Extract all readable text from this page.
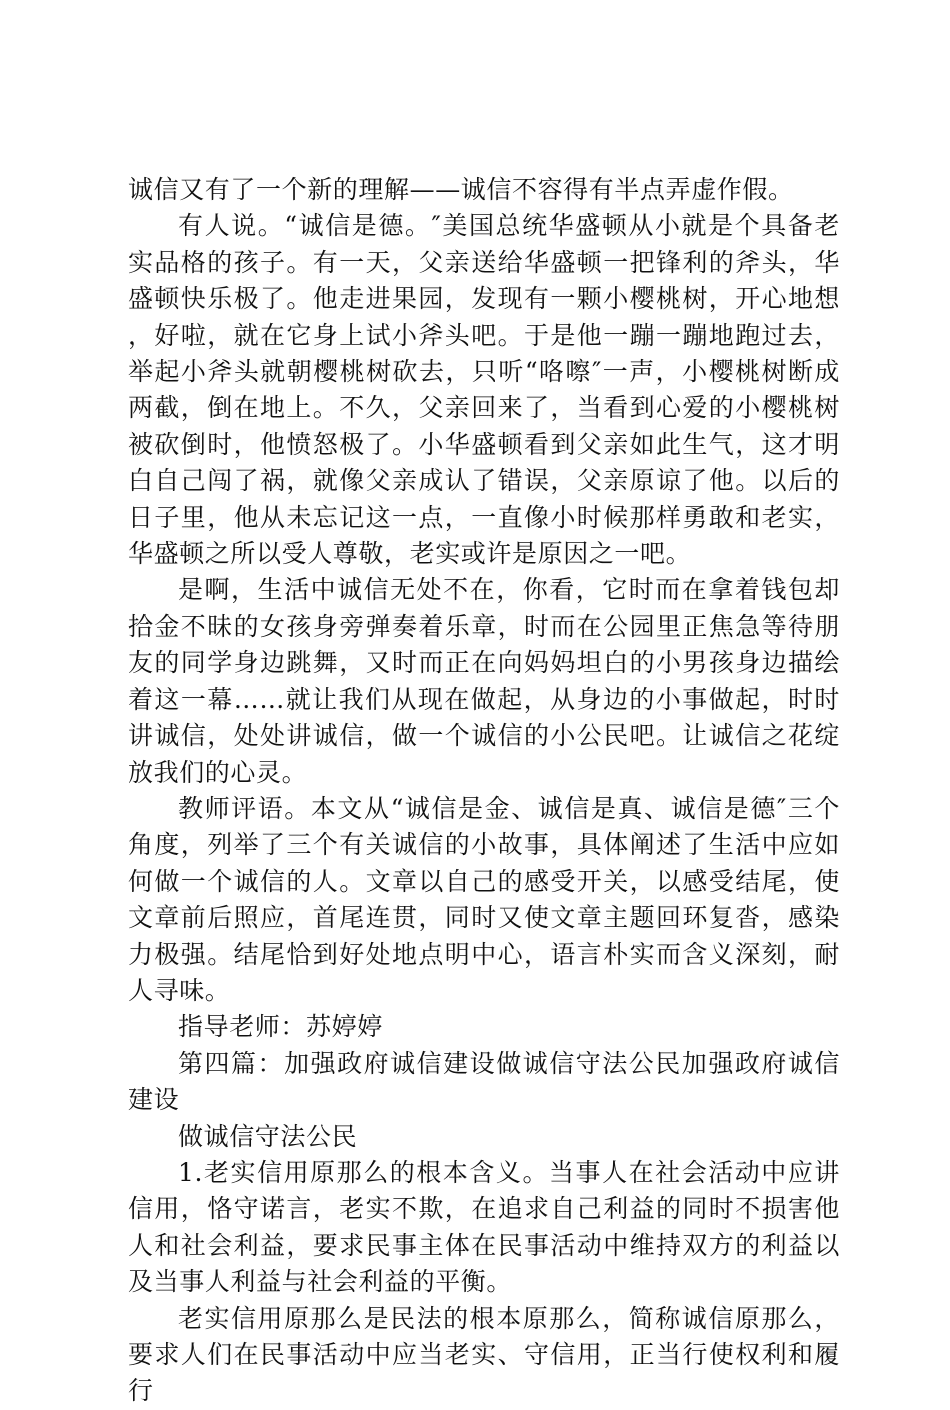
诚信又有了一个新的理解——诚信不容得有半点弄虚作假。

有人说。“诚信是德。″美国总统华盛顿从小就是个具备老实品格的孩子。有一天，父亲送给华盛顿一把锋利的斧头，华盛顿快乐极了。他走进果园，发现有一颗小樱桃树，开心地想，好啦，就在它身上试小斧头吧。于是他一蹦一蹦地跑过去，举起小斧头就朝樱桃树砍去，只听“咯嚓″一声，小樱桃树断成两截，倒在地上。不久，父亲回来了，当看到心爱的小樱桃树被砍倒时，他愤怒极了。小华盛顿看到父亲如此生气，这才明白自己闯了祸，就像父亲成认了错误，父亲原谅了他。以后的日子里，他从未忘记这一点，一直像小时候那样勇敢和老实，华盛顿之所以受人尊敬，老实或许是原因之一吧。

是啊，生活中诚信无处不在，你看，它时而在拿着钱包却拾金不昧的女孩身旁弹奏着乐章，时而在公园里正焦急等待朋友的同学身边跳舞，又时而正在向妈妈坦白的小男孩身边描绘着这一幕……就让我们从现在做起，从身边的小事做起，时时讲诚信，处处讲诚信，做一个诚信的小公民吧。让诚信之花绽放我们的心灵。

教师评语。本文从“诚信是金、诚信是真、诚信是德″三个角度，列举了三个有关诚信的小故事，具体阐述了生活中应如何做一个诚信的人。文章以自己的感受开关，以感受结尾，使文章前后照应，首尾连贯，同时又使文章主题回环复沓，感染力极强。结尾恰到好处地点明中心，语言朴实而含义深刻，耐人寻味。

指导老师：苏婷婷

第四篇：加强政府诚信建设做诚信守法公民加强政府诚信建设

做诚信守法公民

1.老实信用原那么的根本含义。当事人在社会活动中应讲信用，恪守诺言，老实不欺，在追求自己利益的同时不损害他人和社会利益，要求民事主体在民事活动中维持双方的利益以及当事人利益与社会利益的平衡。

老实信用原那么是民法的根本原那么，简称诚信原那么，要求人们在民事活动中应当老实、守信用，正当行使权利和履行
